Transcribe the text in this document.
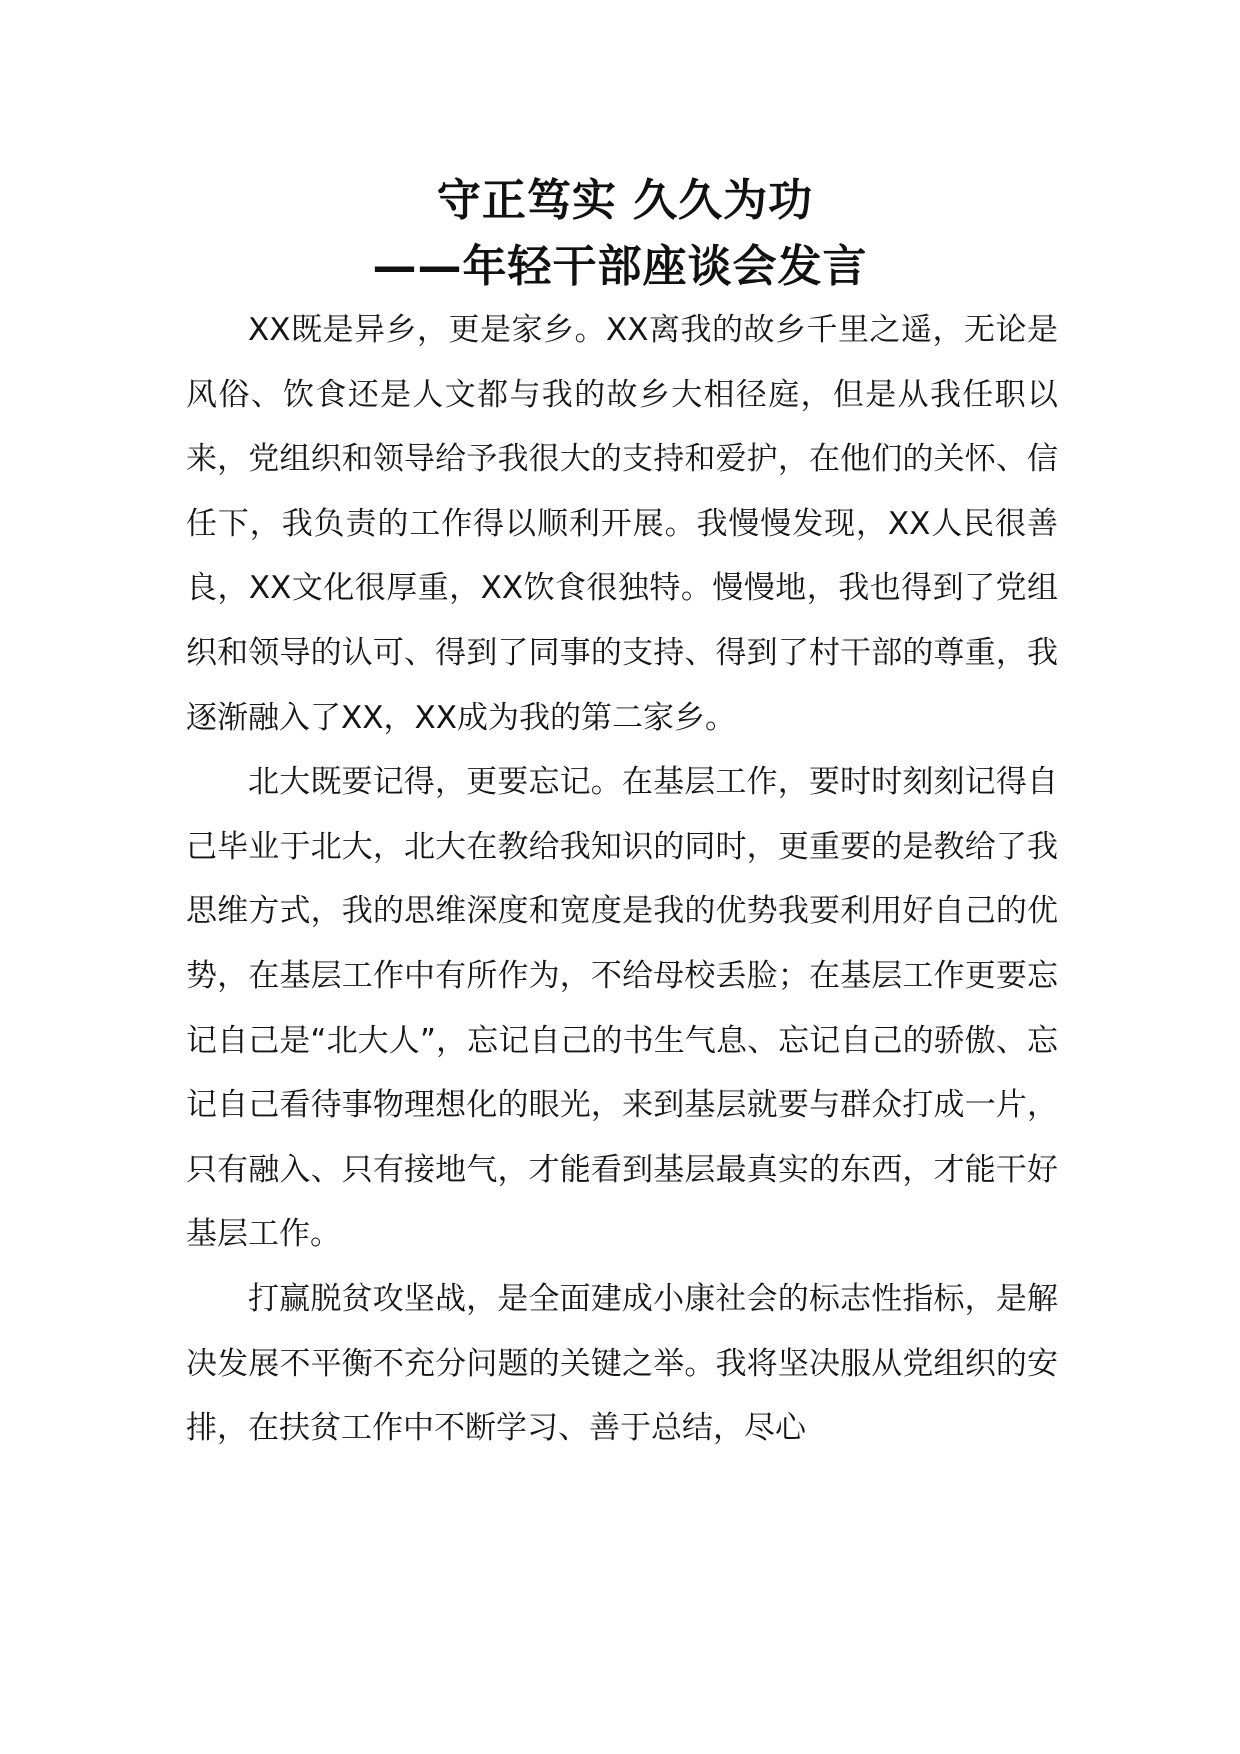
守正笃实 久久为功
——年轻干部座谈会发言

XX既是异乡，更是家乡。XX离我的故乡千里之遥，无论是风俗、饮食还是人文都与我的故乡大相径庭，但是从我任职以来，党组织和领导给予我很大的支持和爱护，在他们的关怀、信任下，我负责的工作得以顺利开展。我慢慢发现，XX人民很善良，XX文化很厚重，XX饮食很独特。慢慢地，我也得到了党组织和领导的认可、得到了同事的支持、得到了村干部的尊重，我逐渐融入了XX，XX成为我的第二家乡。

北大既要记得，更要忘记。在基层工作，要时时刻刻记得自己毕业于北大，北大在教给我知识的同时，更重要的是教给了我思维方式，我的思维深度和宽度是我的优势我要利用好自己的优势，在基层工作中有所作为，不给母校丢脸；在基层工作更要忘记自己是“北大人”，忘记自己的书生气息、忘记自己的骄傲、忘记自己看待事物理想化的眼光，来到基层就要与群众打成一片，只有融入、只有接地气，才能看到基层最真实的东西，才能干好基层工作。

打赢脱贫攻坚战，是全面建成小康社会的标志性指标，是解决发展不平衡不充分问题的关键之举。我将坚决服从党组织的安排，在扶贫工作中不断学习、善于总结，尽心
